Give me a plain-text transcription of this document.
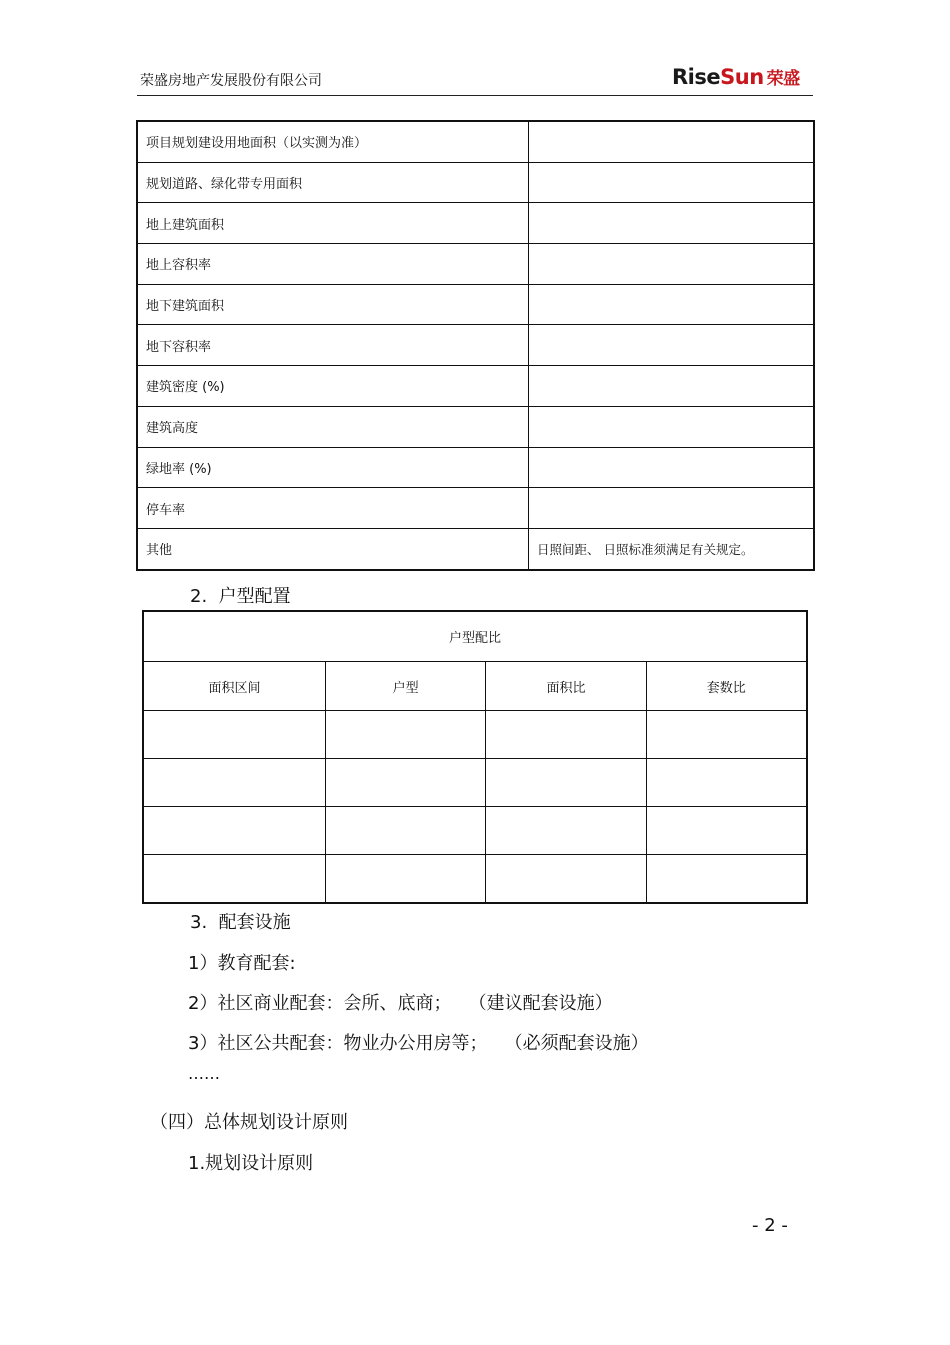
荣盛房地产发展股份有限公司	RiseSun 荣盛
项目规划建设用地面积（以实测为准）	
规划道路、绿化带专用面积	
地上建筑面积	
地上容积率	
地下建筑面积	
地下容积率	
建筑密度 (%)	
建筑高度	
绿地率 (%)	
停车率	
其他	日照间距、 日照标准须满足有关规定。
2.  户型配置
户型配比			
面积区间	户型	面积比	套数比

3.  配套设施
1）教育配套:
2）社区商业配套：会所、底商；   （建议配套设施）
3）社区公共配套：物业办公用房等；   （必须配套设施）
……
（四）总体规划设计原则
1.规划设计原则
- 2 -
